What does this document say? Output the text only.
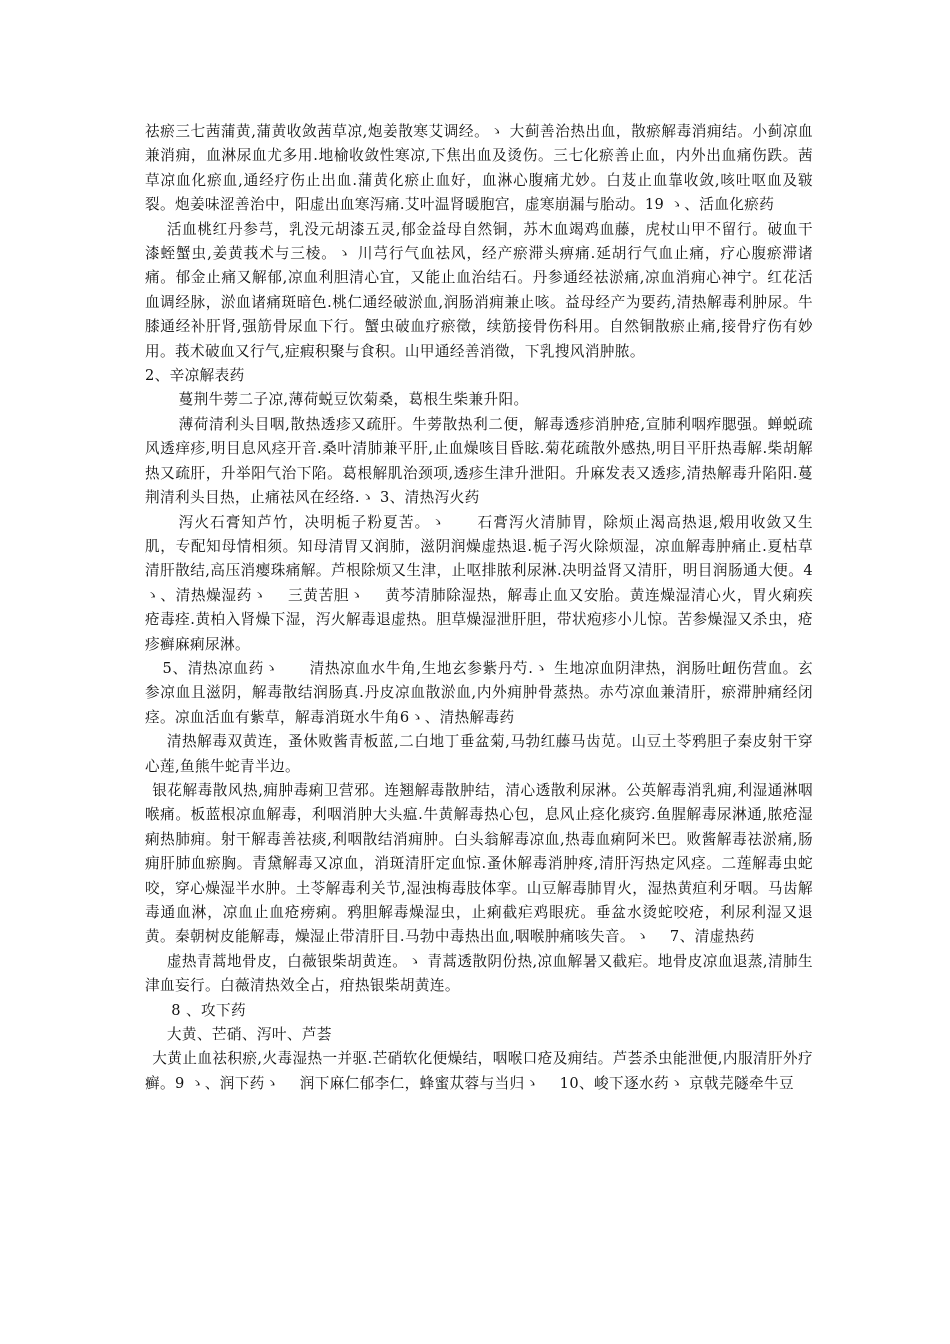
祛瘀三七茜蒲黄,蒲黄收敛茜草凉,炮姜散寒艾调经。ゝ 大蓟善治热出血，散瘀解毒消痈结。小蓟凉血兼消痈，血淋尿血尤多用.地榆收敛性寒凉,下焦出血及烫伤。三七化瘀善止血，内外出血痛伤跌。茜草凉血化瘀血,通经疗伤止出血.蒲黄化瘀止血好，血淋心腹痛尤妙。白芨止血靠收敛,咳吐呕血及皲裂。炮姜味涩善治中，阳虚出血寒泻痛.艾叶温肾暖胞宫，虚寒崩漏与胎动。19 ゝ、活血化瘀药

活血桃红丹参芎，乳没元胡漆五灵,郁金益母自然铜，苏木血竭鸡血藤，虎杖山甲不留行。破血干漆蛭蟹虫,姜黄莪术与三棱。ゝ 川芎行气血祛风，经产瘀滞头痹痛.延胡行气血止痛，疗心腹瘀滞诸痛。郁金止痛又解郁,凉血利胆清心宜，又能止血治结石。丹参通经祛淤痛,凉血消痈心神宁。红花活血调经脉，淤血诸痛斑暗色.桃仁通经破淤血,润肠消痈兼止咳。益母经产为要药,清热解毒利肿尿。牛膝通经补肝肾,强筋骨尿血下行。蟹虫破血疗瘀徵，续筋接骨伤科用。自然铜散瘀止痛,接骨疗伤有妙用。莪术破血又行气,症瘕积聚与食积。山甲通经善消徵，下乳搜风消肿脓。

2、辛凉解表药

蔓荆牛蒡二子凉,薄荷蜕豆饮菊桑，葛根生柴兼升阳。

薄荷清利头目咽,散热透疹又疏肝。牛蒡散热利二便，解毒透疹消肿疮,宣肺利咽痄腮强。蝉蜕疏风透痒疹,明目息风痉开音.桑叶清肺兼平肝,止血燥咳目昏眩.菊花疏散外感热,明目平肝热毒解.柴胡解热又疏肝，升举阳气治下陷。葛根解肌治颈项,透疹生津升泄阳。升麻发表又透疹,清热解毒升陷阳.蔓荆清利头目热，止痛祛风在经络.ゝ 3、清热泻火药

泻火石膏知芦竹，决明栀子粉夏苦。ゝ　　石膏泻火清肺胃，除烦止渴高热退,煅用收敛又生肌，专配知母情相须。知母清胃又润肺，滋阴润燥虚热退.栀子泻火除烦湿，凉血解毒肿痛止.夏枯草清肝散结,高压消瘿珠痛解。芦根除烦又生津，止呕排脓利尿淋.决明益肾又清肝，明目润肠通大便。4　　ゝ、清热燥湿药ゝ　 三黄苦胆ゝ　 黄芩清肺除湿热，解毒止血又安胎。黄连燥湿清心火，胃火痢疾疮毒痊.黄柏入肾燥下湿，泻火解毒退虚热。胆草燥湿泄肝胆，带状疱疹小儿惊。苦参燥湿又杀虫，疮疹癣麻痢尿淋。

5、清热凉血药ゝ　　清热凉血水牛角,生地玄参紫丹芍.ゝ 生地凉血阴津热，润肠吐衄伤营血。玄参凉血且滋阴，解毒散结润肠真.丹皮凉血散淤血,内外痈肿骨蒸热。赤芍凉血兼清肝，瘀滞肿痛经闭痉。凉血活血有紫草，解毒消斑水牛角6ゝ、清热解毒药

清热解毒双黄连，蚤休败酱青板蓝,二白地丁垂盆菊,马勃红藤马齿苋。山豆土苓鸦胆子秦皮射干穿心莲,鱼熊牛蛇青半边。

银花解毒散风热,痈肿毒痢卫营邪。连翘解毒散肿结，清心透散利尿淋。公英解毒消乳痈,利湿通淋咽喉痛。板蓝根凉血解毒，利咽消肿大头瘟.牛黄解毒热心包，息风止痉化痰窍.鱼腥解毒尿淋通,脓疮湿痢热肺痈。射干解毒善祛痰,利咽散结消痈肿。白头翁解毒凉血,热毒血痢阿米巴。败酱解毒祛淤痛,肠痈肝肺血瘀胸。青黛解毒又凉血，消斑清肝定血惊.蚤休解毒消肿疼,清肝泻热定风痉。二莲解毒虫蛇咬，穿心燥湿半水肿。土苓解毒利关节,湿浊梅毒肢体挛。山豆解毒肺胃火，湿热黄疸利牙咽。马齿解毒通血淋，凉血止血疮痨痢。鸦胆解毒燥湿虫，止痢截疟鸡眼疣。垂盆水烫蛇咬疮，利尿利湿又退黄。秦朝树皮能解毒，燥湿止带清肝目.马勃中毒热出血,咽喉肿痛咳失音。ゝ　 7、清虚热药

虚热青蒿地骨皮，白薇银柴胡黄连。ゝ 青蒿透散阴份热,凉血解暑又截疟。地骨皮凉血退蒸,清肺生津血妄行。白薇清热效全占，疳热银柴胡黄连。

8 、攻下药

大黄、芒硝、泻叶、芦荟

大黄止血祛积瘀,火毒湿热一并驱.芒硝软化便燥结，咽喉口疮及痈结。芦荟杀虫能泄便,内服清肝外疗癣。9 ゝ、润下药ゝ　 润下麻仁郁李仁，蜂蜜苁蓉与当归ゝ　 10、峻下逐水药ゝ 京戟芫隧牵牛豆
